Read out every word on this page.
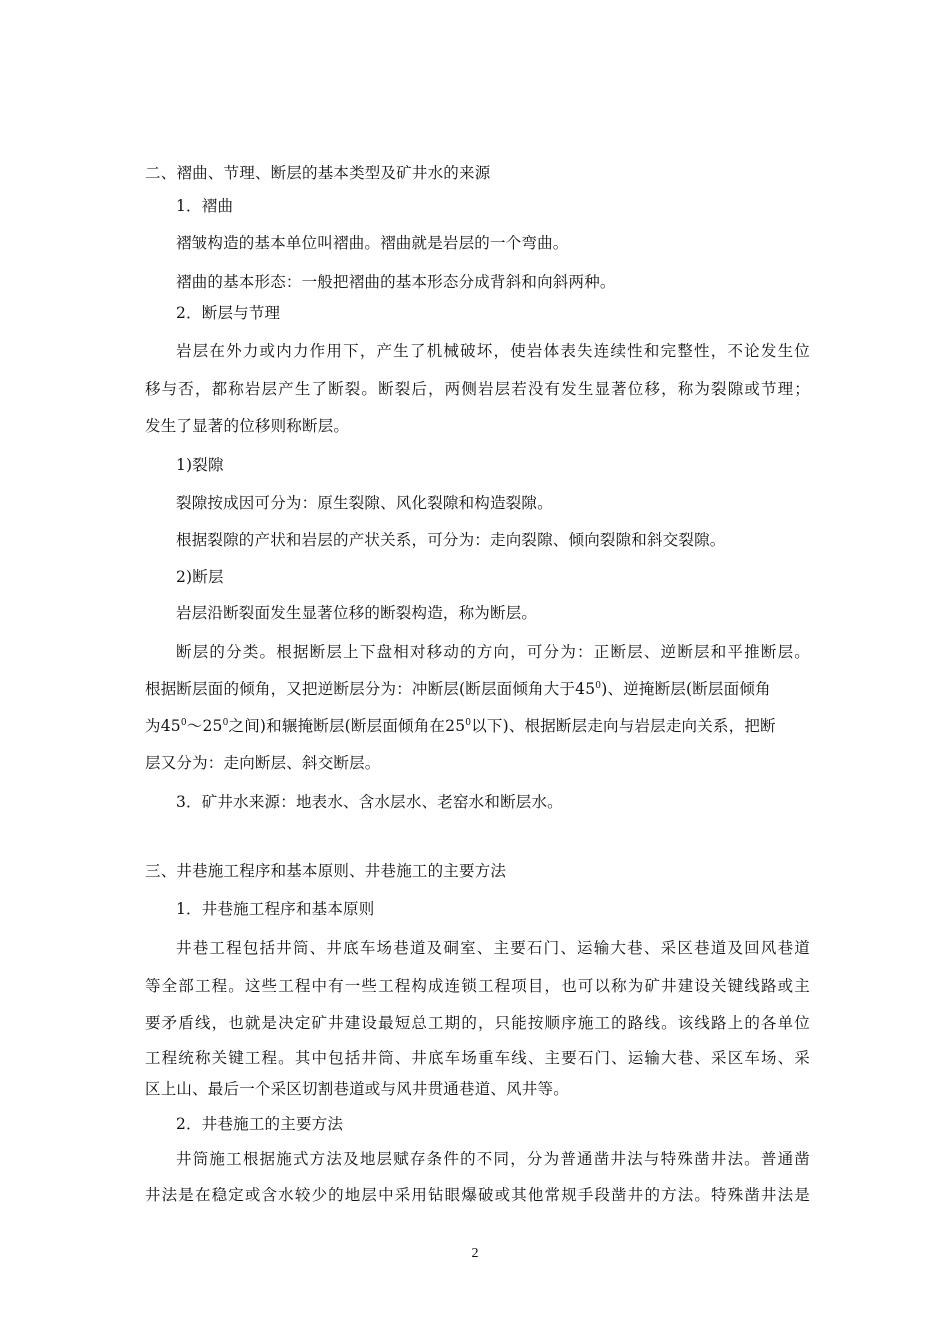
二、褶曲、节理、断层的基本类型及矿井水的来源
1．褶曲
褶皱构造的基本单位叫褶曲。褶曲就是岩层的一个弯曲。
褶曲的基本形态：一般把褶曲的基本形态分成背斜和向斜两种。
2．断层与节理
岩层在外力或内力作用下，产生了机械破坏，使岩体表失连续性和完整性，不论发生位
移与否，都称岩层产生了断裂。断裂后，两侧岩层若没有发生显著位移，称为裂隙或节理；
发生了显著的位移则称断层。
1)裂隙
裂隙按成因可分为：原生裂隙、风化裂隙和构造裂隙。
根据裂隙的产状和岩层的产状关系，可分为：走向裂隙、倾向裂隙和斜交裂隙。
2)断层
岩层沿断裂面发生显著位移的断裂构造，称为断层。
断层的分类。根据断层上下盘相对移动的方向，可分为：正断层、逆断层和平推断层。
根据断层面的倾角，又把逆断层分为：冲断层(断层面倾角大于$45^0$)、逆掩断层(断层面倾角
为$45^0\sim 25^0$之间)和辗掩断层(断层面倾角在$25^0$以下)、根据断层走向与岩层走向关系，把断
层又分为：走向断层、斜交断层。
3．矿井水来源：地表水、含水层水、老窑水和断层水。
三、井巷施工程序和基本原则、井巷施工的主要方法
1．井巷施工程序和基本原则
井巷工程包括井筒、井底车场巷道及硐室、主要石门、运输大巷、采区巷道及回风巷道
等全部工程。这些工程中有一些工程构成连锁工程项目，也可以称为矿井建设关键线路或主
要矛盾线，也就是决定矿井建设最短总工期的，只能按顺序施工的路线。该线路上的各单位
工程统称关键工程。其中包括井筒、井底车场重车线、主要石门、运输大巷、采区车场、采
区上山、最后一个采区切割巷道或与风井贯通巷道、风井等。
2．井巷施工的主要方法
井筒施工根据施式方法及地层赋存条件的不同，分为普通凿井法与特殊凿井法。普通凿
井法是在稳定或含水较少的地层中采用钻眼爆破或其他常规手段凿井的方法。特殊凿井法是
2
